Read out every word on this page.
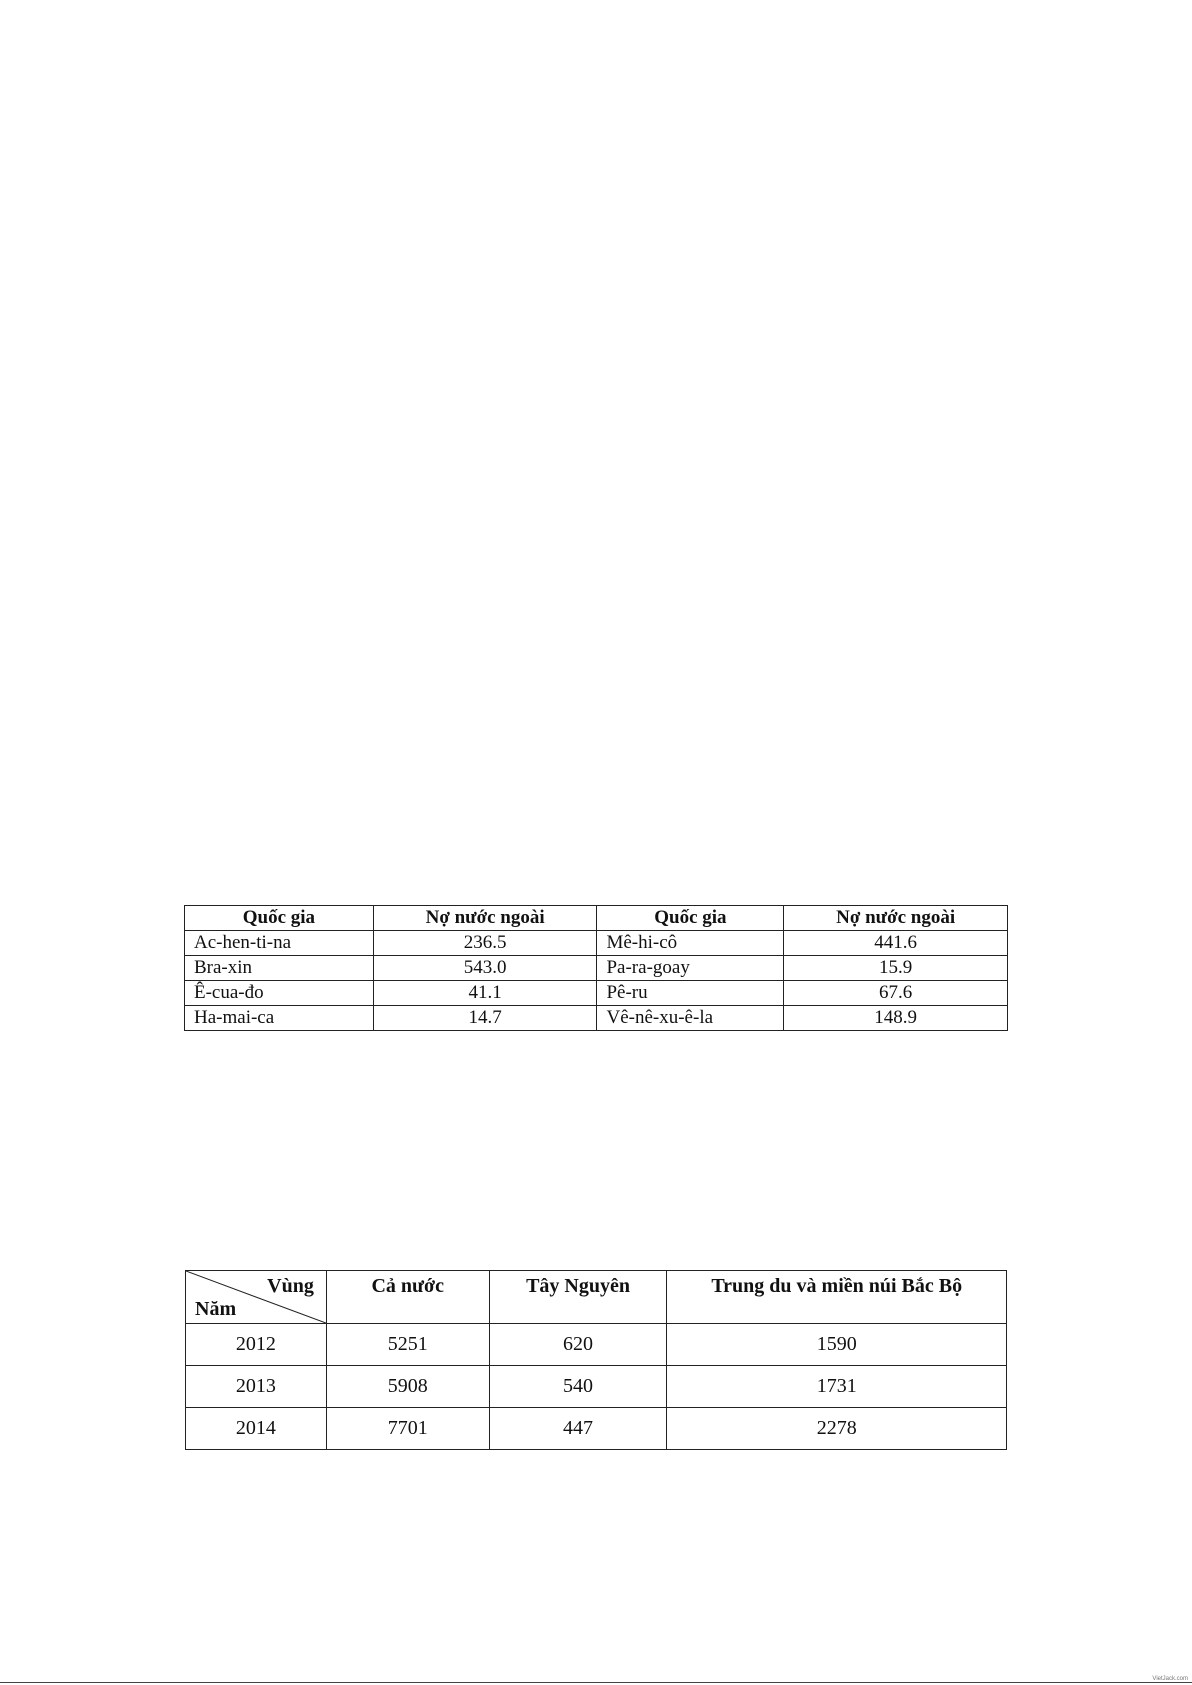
Quốc gia	Nợ nước ngoài	Quốc gia	Nợ nước ngoài
Ac-hen-ti-na	236.5	Mê-hi-cô	441.6
Bra-xin	543.0	Pa-ra-goay	15.9
Ê-cua-đo	41.1	Pê-ru	67.6
Ha-mai-ca	14.7	Vê-nê-xu-ê-la	148.9
Vùng
Năm	Cả nước	Tây Nguyên	Trung du và miền núi Bắc Bộ
2012	5251	620	1590
2013	5908	540	1731
2014	7701	447	2278
VietJack.com
